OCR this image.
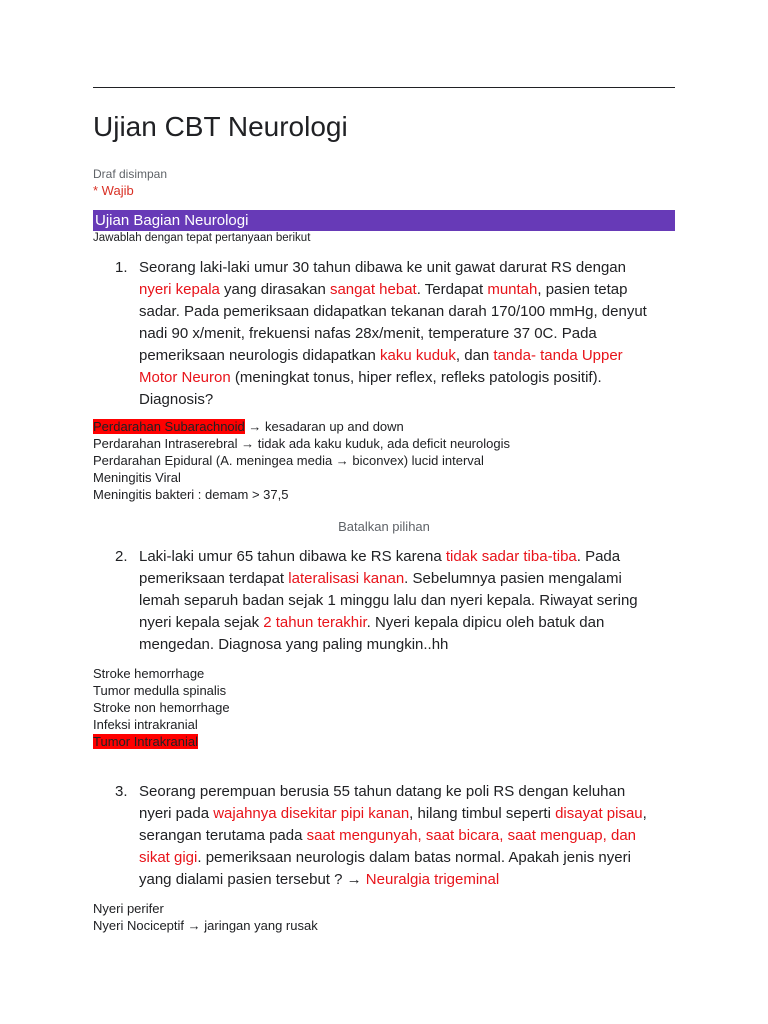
Ujian CBT Neurologi
Draf disimpan
* Wajib
Ujian Bagian Neurologi
Jawablah dengan tepat pertanyaan berikut
1. Seorang laki-laki umur 30 tahun dibawa ke unit gawat darurat RS dengan
nyeri kepala yang dirasakan sangat hebat. Terdapat muntah, pasien tetap
sadar. Pada pemeriksaan didapatkan tekanan darah 170/100 mmHg, denyut
nadi 90 x/menit, frekuensi nafas 28x/menit, temperature 37 0C. Pada
pemeriksaan neurologis didapatkan kaku kuduk, dan tanda- tanda Upper
Motor Neuron (meningkat tonus, hiper reflex, refleks patologis positif).
Diagnosis?
Perdarahan Subarachnoid → kesadaran up and down
Perdarahan Intraserebral → tidak ada kaku kuduk, ada deficit neurologis
Perdarahan Epidural (A. meningea media → biconvex) lucid interval
Meningitis Viral
Meningitis bakteri : demam > 37,5
Batalkan pilihan
2. Laki-laki umur 65 tahun dibawa ke RS karena tidak sadar tiba-tiba. Pada
pemeriksaan terdapat lateralisasi kanan. Sebelumnya pasien mengalami
lemah separuh badan sejak 1 minggu lalu dan nyeri kepala. Riwayat sering
nyeri kepala sejak 2 tahun terakhir. Nyeri kepala dipicu oleh batuk dan
mengedan. Diagnosa yang paling mungkin..hh
Stroke hemorrhage
Tumor medulla spinalis
Stroke non hemorrhage
Infeksi intrakranial
Tumor Intrakranial
3. Seorang perempuan berusia 55 tahun datang ke poli RS dengan keluhan
nyeri pada wajahnya disekitar pipi kanan, hilang timbul seperti disayat pisau,
serangan terutama pada saat mengunyah, saat bicara, saat menguap, dan
sikat gigi. pemeriksaan neurologis dalam batas normal. Apakah jenis nyeri
yang dialami pasien tersebut ? → Neuralgia trigeminal
Nyeri perifer
Nyeri Nociceptif → jaringan yang rusak
